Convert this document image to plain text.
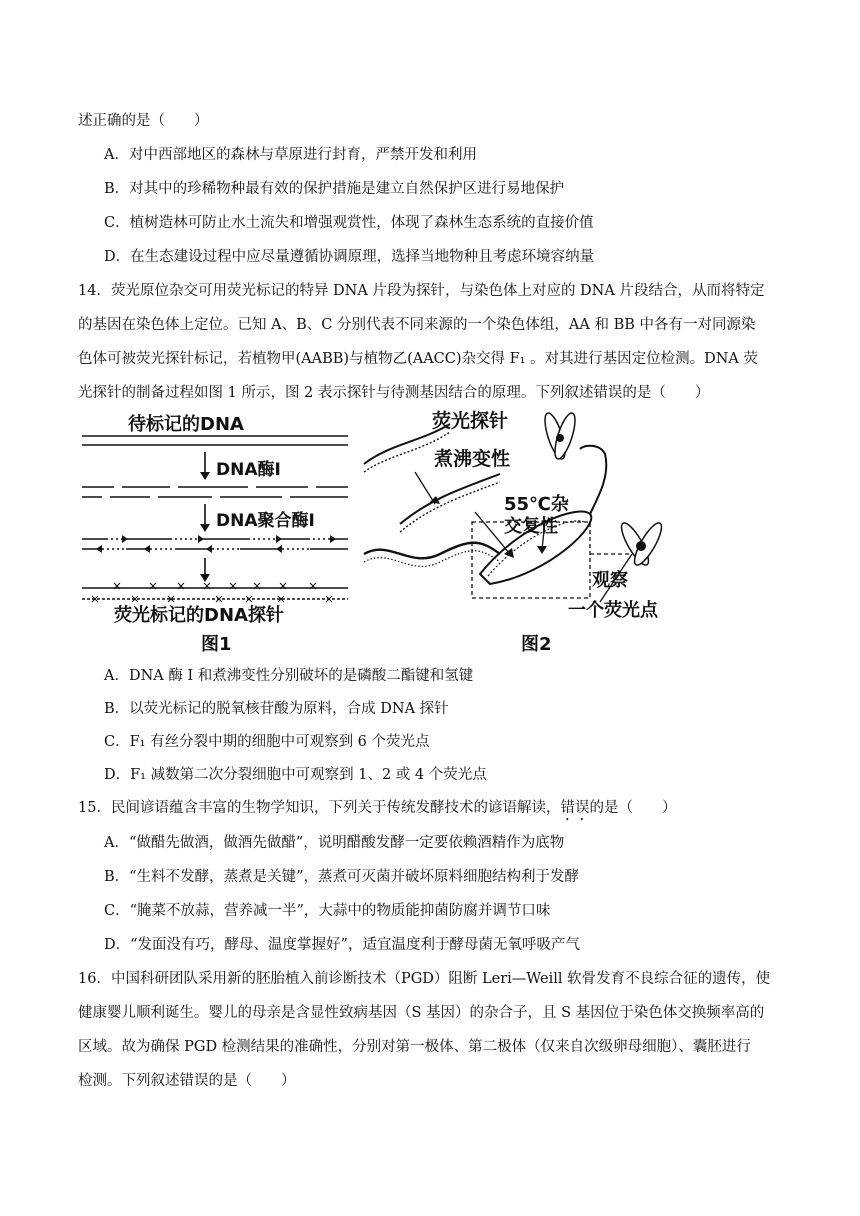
述正确的是（　　）
A．对中西部地区的森林与草原进行封育，严禁开发和利用
B．对其中的珍稀物种最有效的保护措施是建立自然保护区进行易地保护
C．植树造林可防止水土流失和增强观赏性，体现了森林生态系统的直接价值
D．在生态建设过程中应尽量遵循协调原理，选择当地物种且考虑环境容纳量
14．荧光原位杂交可用荧光标记的特异 DNA 片段为探针，与染色体上对应的 DNA 片段结合，从而将特定
的基因在染色体上定位。已知 A、B、C 分别代表不同来源的一个染色体组，AA 和 BB 中各有一对同源染
色体可被荧光探针标记，若植物甲(AABB)与植物乙(AACC)杂交得 F₁ 。对其进行基因定位检测。DNA 荧
光探针的制备过程如图 1 所示，图 2 表示探针与待测基因结合的原理。下列叙述错误的是（　　）
待标记的DNA
DNA酶Ⅰ
DNA聚合酶Ⅰ
荧光标记的DNA探针
图1
荧光探针
煮沸变性
55℃杂
交复性
观察
一个荧光点
图2
A．DNA 酶 I 和煮沸变性分别破坏的是磷酸二酯键和氢键
B．以荧光标记的脱氧核苷酸为原料，合成 DNA 探针
C．F₁ 有丝分裂中期的细胞中可观察到 6 个荧光点
D．F₁ 减数第二次分裂细胞中可观察到 1、2 或 4 个荧光点
15．民间谚语蕴含丰富的生物学知识，下列关于传统发酵技术的谚语解读，错误的是（　　）
A．“做醋先做酒，做酒先做醋”，说明醋酸发酵一定要依赖酒精作为底物
B．“生料不发酵，蒸煮是关键”，蒸煮可灭菌并破坏原料细胞结构利于发酵
C．“腌菜不放蒜，营养减一半”，大蒜中的物质能抑菌防腐并调节口味
D．“发面没有巧，酵母、温度掌握好”，适宜温度利于酵母菌无氧呼吸产气
16．中国科研团队采用新的胚胎植入前诊断技术（PGD）阻断 Leri—Weill 软骨发育不良综合征的遗传，使
健康婴儿顺利诞生。婴儿的母亲是含显性致病基因（S 基因）的杂合子，且 S 基因位于染色体交换频率高的
区域。故为确保 PGD 检测结果的准确性，分别对第一极体、第二极体（仅来自次级卵母细胞）、囊胚进行
检测。下列叙述错误的是（　　）
